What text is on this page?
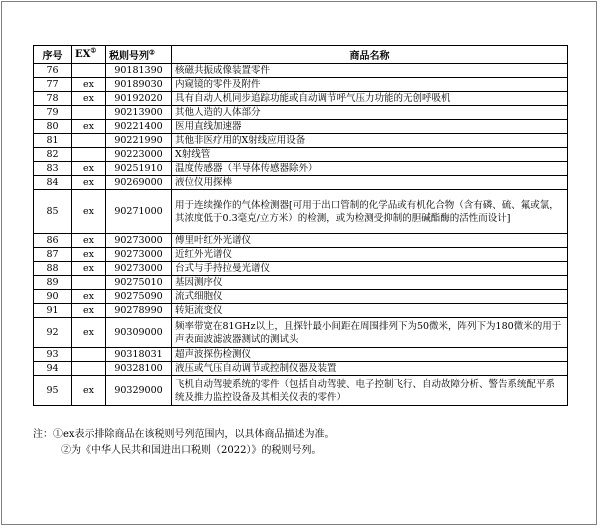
序号	EX①	税则号列②	商品名称
76		90181390	核磁共振成像装置零件
77	ex	90189030	内窥镜的零件及附件
78	ex	90192020	具有自动人机同步追踪功能或自动调节呼气压力功能的无创呼吸机
79		90213900	其他人造的人体部分
80	ex	90221400	医用直线加速器
81		90221990	其他非医疗用的X射线应用设备
82		90223000	X射线管
83	ex	90251910	温度传感器（半导体传感器除外）
84	ex	90269000	液位仪用探棒
85	ex	90271000	用于连续操作的气体检测器[可用于出口管制的化学品或有机化合物（含有磷、硫、氟或氯，其浓度低于0.3毫克/立方米）的检测，或为检测受抑制的胆碱酯酶的活性而设计]
86	ex	90273000	傅里叶红外光谱仪
87	ex	90273000	近红外光谱仪
88	ex	90273000	台式与手持拉曼光谱仪
89		90275010	基因测序仪
90	ex	90275090	流式细胞仪
91	ex	90278990	转矩流变仪
92	ex	90309000	频率带宽在81GHz以上，且探针最小间距在周围排列下为50微米，阵列下为180微米的用于声表面波滤波器测试的测试头
93		90318031	超声波探伤检测仪
94		90328100	液压或气压自动调节或控制仪器及装置
95	ex	90329000	飞机自动驾驶系统的零件（包括自动驾驶、电子控制飞行、自动故障分析、警告系统配平系统及推力监控设备及其相关仪表的零件）
注：①ex表示排除商品在该税则号列范围内，以具体商品描述为准。
②为《中华人民共和国进出口税则（2022）》的税则号列。
